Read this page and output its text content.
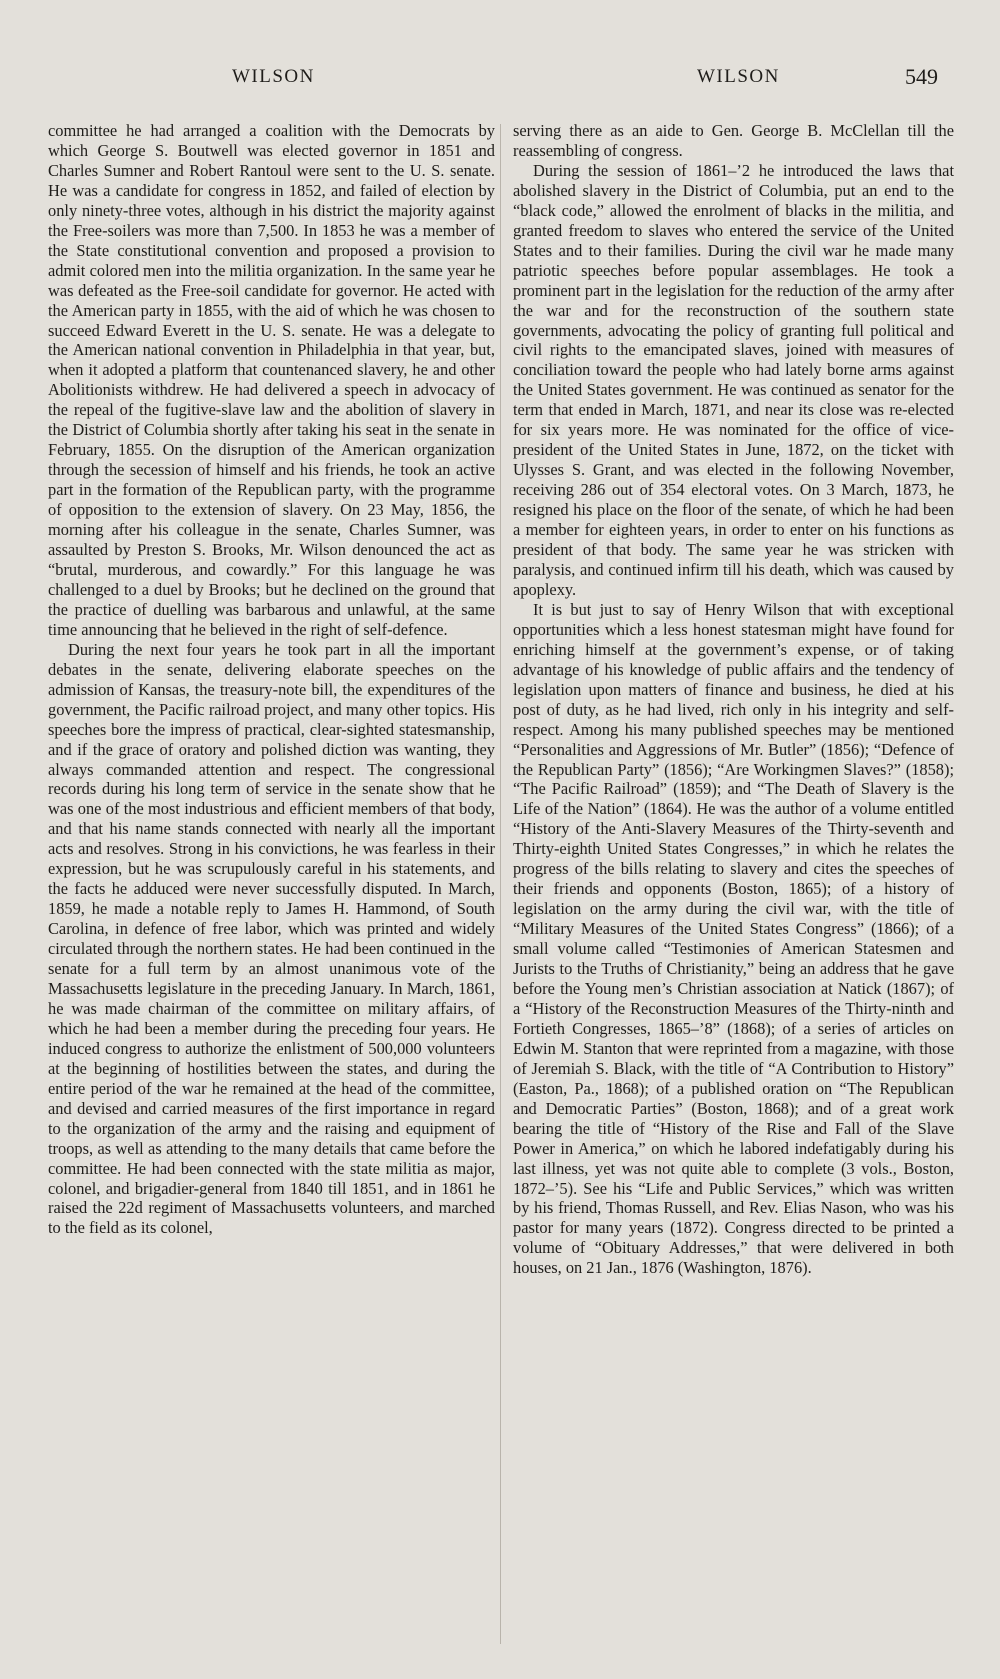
WILSON	WILSON	549

committee he had arranged a coalition with the Democrats by which George S. Boutwell was elected governor in 1851 and Charles Sumner and Robert Rantoul were sent to the U. S. senate. He was a candidate for congress in 1852, and failed of election by only ninety-three votes, although in his district the majority against the Free-soilers was more than 7,500. In 1853 he was a member of the State constitutional convention and proposed a provision to admit colored men into the militia organization. In the same year he was defeated as the Free-soil candidate for governor. He acted with the American party in 1855, with the aid of which he was chosen to succeed Edward Everett in the U. S. senate. He was a delegate to the American national convention in Philadelphia in that year, but, when it adopted a platform that countenanced slavery, he and other Abolitionists withdrew. He had delivered a speech in advocacy of the repeal of the fugitive-slave law and the abolition of slavery in the District of Columbia shortly after taking his seat in the senate in February, 1855. On the disruption of the American organization through the secession of himself and his friends, he took an active part in the formation of the Republican party, with the programme of opposition to the extension of slavery. On 23 May, 1856, the morning after his colleague in the senate, Charles Sumner, was assaulted by Preston S. Brooks, Mr. Wilson denounced the act as “brutal, murderous, and cowardly.” For this language he was challenged to a duel by Brooks; but he declined on the ground that the practice of duelling was barbarous and unlawful, at the same time announcing that he believed in the right of self-defence.

During the next four years he took part in all the important debates in the senate, delivering elaborate speeches on the admission of Kansas, the treasury-note bill, the expenditures of the government, the Pacific railroad project, and many other topics. His speeches bore the impress of practical, clear-sighted statesmanship, and if the grace of oratory and polished diction was wanting, they always commanded attention and respect. The congressional records during his long term of service in the senate show that he was one of the most industrious and efficient members of that body, and that his name stands connected with nearly all the important acts and resolves. Strong in his convictions, he was fearless in their expression, but he was scrupulously careful in his statements, and the facts he adduced were never successfully disputed. In March, 1859, he made a notable reply to James H. Hammond, of South Carolina, in defence of free labor, which was printed and widely circulated through the northern states. He had been continued in the senate for a full term by an almost unanimous vote of the Massachusetts legislature in the preceding January. In March, 1861, he was made chairman of the committee on military affairs, of which he had been a member during the preceding four years. He induced congress to authorize the enlistment of 500,000 volunteers at the beginning of hostilities between the states, and during the entire period of the war he remained at the head of the committee, and devised and carried measures of the first importance in regard to the organization of the army and the raising and equipment of troops, as well as attending to the many details that came before the committee. He had been connected with the state militia as major, colonel, and brigadier-general from 1840 till 1851, and in 1861 he raised the 22d regiment of Massachusetts volunteers, and marched to the field as its colonel,

serving there as an aide to Gen. George B. McClellan till the reassembling of congress.

During the session of 1861–’2 he introduced the laws that abolished slavery in the District of Columbia, put an end to the “black code,” allowed the enrolment of blacks in the militia, and granted freedom to slaves who entered the service of the United States and to their families. During the civil war he made many patriotic speeches before popular assemblages. He took a prominent part in the legislation for the reduction of the army after the war and for the reconstruction of the southern state governments, advocating the policy of granting full political and civil rights to the emancipated slaves, joined with measures of conciliation toward the people who had lately borne arms against the United States government. He was continued as senator for the term that ended in March, 1871, and near its close was re-elected for six years more. He was nominated for the office of vice-president of the United States in June, 1872, on the ticket with Ulysses S. Grant, and was elected in the following November, receiving 286 out of 354 electoral votes. On 3 March, 1873, he resigned his place on the floor of the senate, of which he had been a member for eighteen years, in order to enter on his functions as president of that body. The same year he was stricken with paralysis, and continued infirm till his death, which was caused by apoplexy.

It is but just to say of Henry Wilson that with exceptional opportunities which a less honest statesman might have found for enriching himself at the government’s expense, or of taking advantage of his knowledge of public affairs and the tendency of legislation upon matters of finance and business, he died at his post of duty, as he had lived, rich only in his integrity and self-respect. Among his many published speeches may be mentioned “Personalities and Aggressions of Mr. Butler” (1856); “Defence of the Republican Party” (1856); “Are Workingmen Slaves?” (1858); “The Pacific Railroad” (1859); and “The Death of Slavery is the Life of the Nation” (1864). He was the author of a volume entitled “History of the Anti-Slavery Measures of the Thirty-seventh and Thirty-eighth United States Congresses,” in which he relates the progress of the bills relating to slavery and cites the speeches of their friends and opponents (Boston, 1865); of a history of legislation on the army during the civil war, with the title of “Military Measures of the United States Congress” (1866); of a small volume called “Testimonies of American Statesmen and Jurists to the Truths of Christianity,” being an address that he gave before the Young men’s Christian association at Natick (1867); of a “History of the Reconstruction Measures of the Thirty-ninth and Fortieth Congresses, 1865–’8” (1868); of a series of articles on Edwin M. Stanton that were reprinted from a magazine, with those of Jeremiah S. Black, with the title of “A Contribution to History” (Easton, Pa., 1868); of a published oration on “The Republican and Democratic Parties” (Boston, 1868); and of a great work bearing the title of “History of the Rise and Fall of the Slave Power in America,” on which he labored indefatigably during his last illness, yet was not quite able to complete (3 vols., Boston, 1872–’5). See his “Life and Public Services,” which was written by his friend, Thomas Russell, and Rev. Elias Nason, who was his pastor for many years (1872). Congress directed to be printed a volume of “Obituary Addresses,” that were delivered in both houses, on 21 Jan., 1876 (Washington, 1876).
